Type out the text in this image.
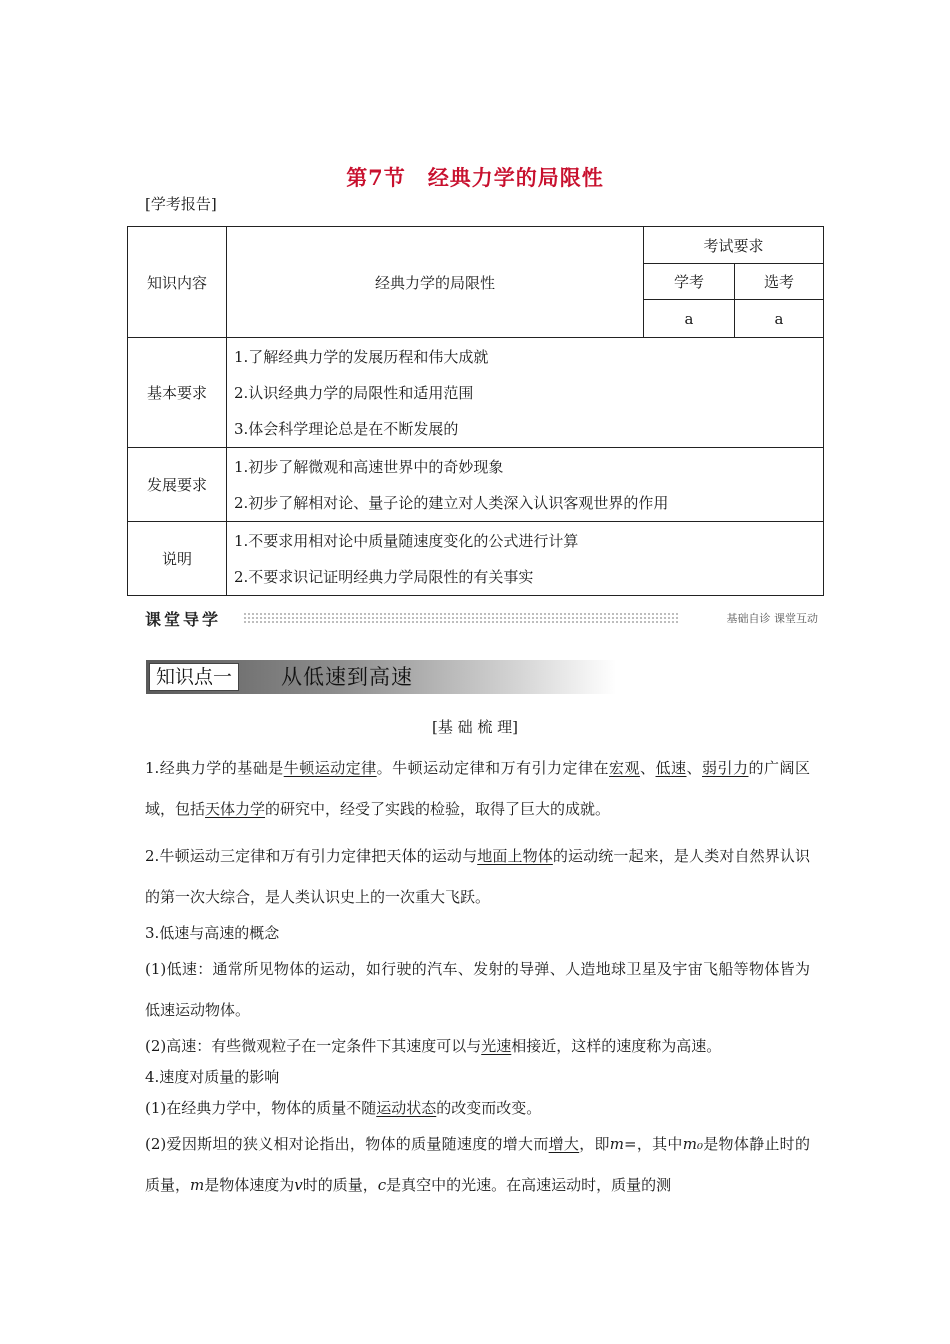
第7节 经典力学的局限性
[学考报告]
知识内容	经典力学的局限性	考试要求	
		学考	选考
		a	a
基本要求	1.了解经典力学的发展历程和伟大成就
2.认识经典力学的局限性和适用范围
3.体会科学理论总是在不断发展的		

发展要求	1.初步了解微观和高速世界中的奇妙现象
2.初步了解相对论、量子论的建立对人类深入认识客观世界的作用		

说明	1.不要求用相对论中质量随速度变化的公式进行计算
2.不要求识记证明经典力学局限性的有关事实		
课堂导学	基础自诊 课堂互动
知识点一	从低速到高速
[基 础 梳 理]
1.经典力学的基础是牛顿运动定律。牛顿运动定律和万有引力定律在宏观、低速、弱引力的广阔区域，包括天体力学的研究中，经受了实践的检验，取得了巨大的成就。
2.牛顿运动三定律和万有引力定律把天体的运动与地面上物体的运动统一起来，是人类对自然界认识的第一次大综合，是人类认识史上的一次重大飞跃。
3.低速与高速的概念
(1)低速：通常所见物体的运动，如行驶的汽车、发射的导弹、人造地球卫星及宇宙飞船等物体皆为低速运动物体。
(2)高速：有些微观粒子在一定条件下其速度可以与光速相接近，这样的速度称为高速。
4.速度对质量的影响
(1)在经典力学中，物体的质量不随运动状态的改变而改变。
(2)爱因斯坦的狭义相对论指出，物体的质量随速度的增大而增大，即m=，其中m₀是物体静止时的质量，m是物体速度为v时的质量，c是真空中的光速。在高速运动时，质量的测
